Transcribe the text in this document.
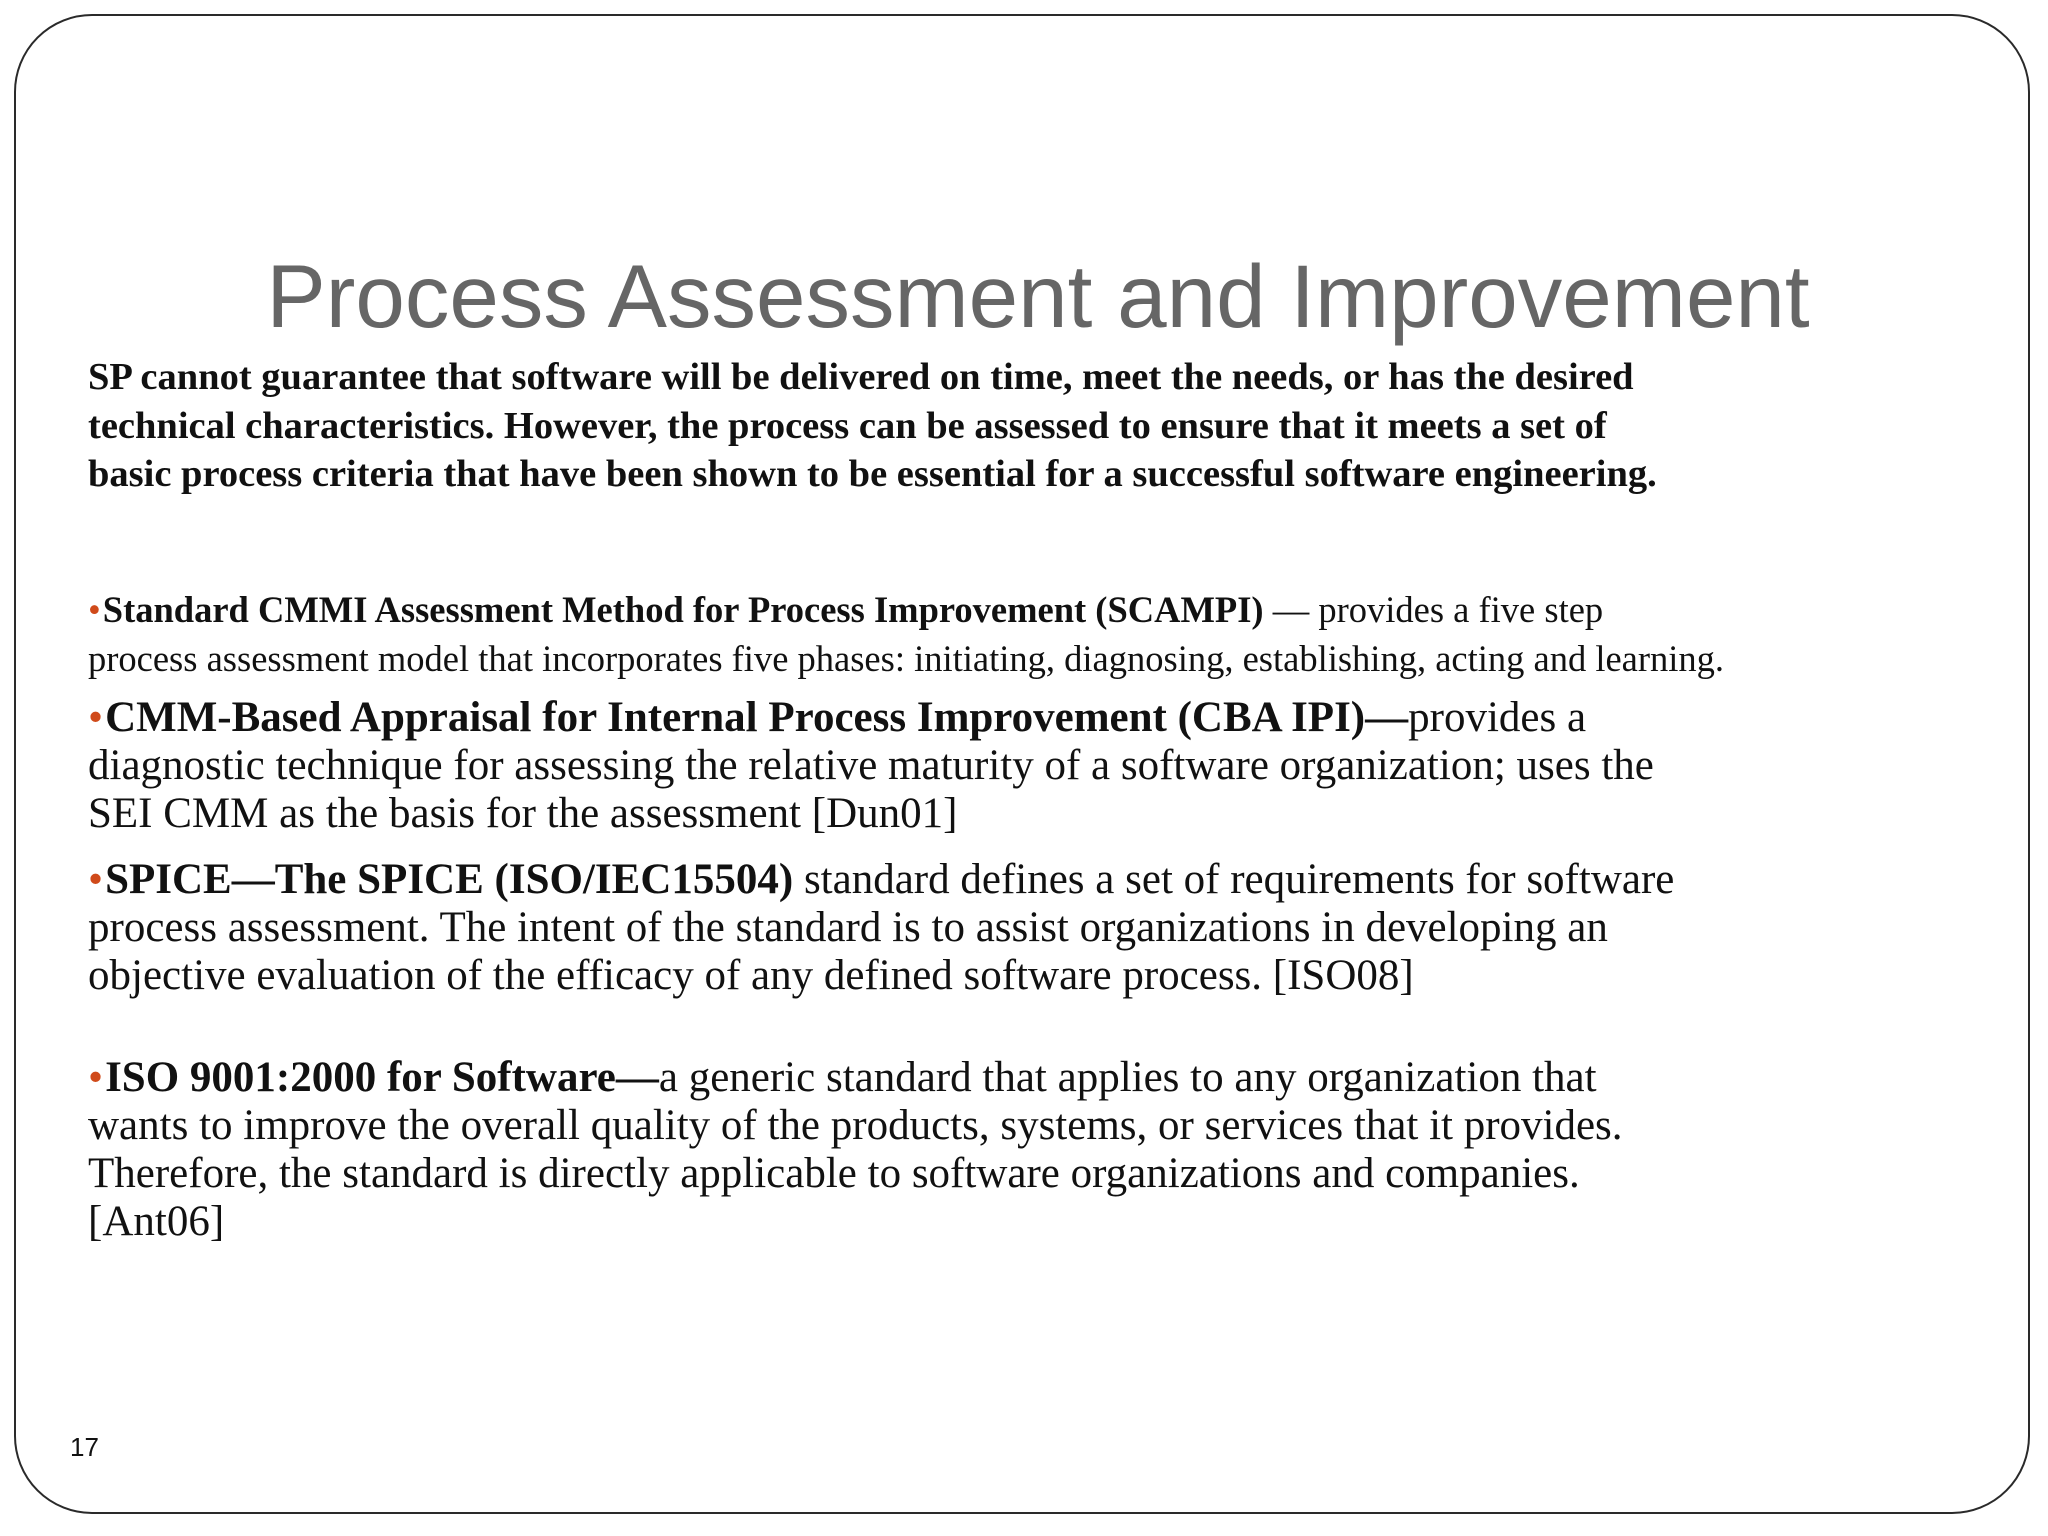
Process Assessment and Improvement
SP cannot guarantee that software will be delivered on time, meet the needs, or has the desired
technical characteristics. However, the process can be assessed to ensure that it meets a set of
basic process criteria that have been shown to be essential for a successful software engineering.
•Standard CMMI Assessment Method for Process Improvement (SCAMPI) — provides a five step
process assessment model that incorporates five phases: initiating, diagnosing, establishing, acting and learning.
•CMM-Based Appraisal for Internal Process Improvement (CBA IPI)—provides a
diagnostic technique for assessing the relative maturity of a software organization; uses the
SEI CMM as the basis for the assessment [Dun01]
•SPICE—The SPICE (ISO/IEC15504) standard defines a set of requirements for software
process assessment. The intent of the standard is to assist organizations in developing an
objective evaluation of the efficacy of any defined software process. [ISO08]
•ISO 9001:2000 for Software—a generic standard that applies to any organization that
wants to improve the overall quality of the products, systems, or services that it provides.
Therefore, the standard is directly applicable to software organizations and companies.
[Ant06]
17
